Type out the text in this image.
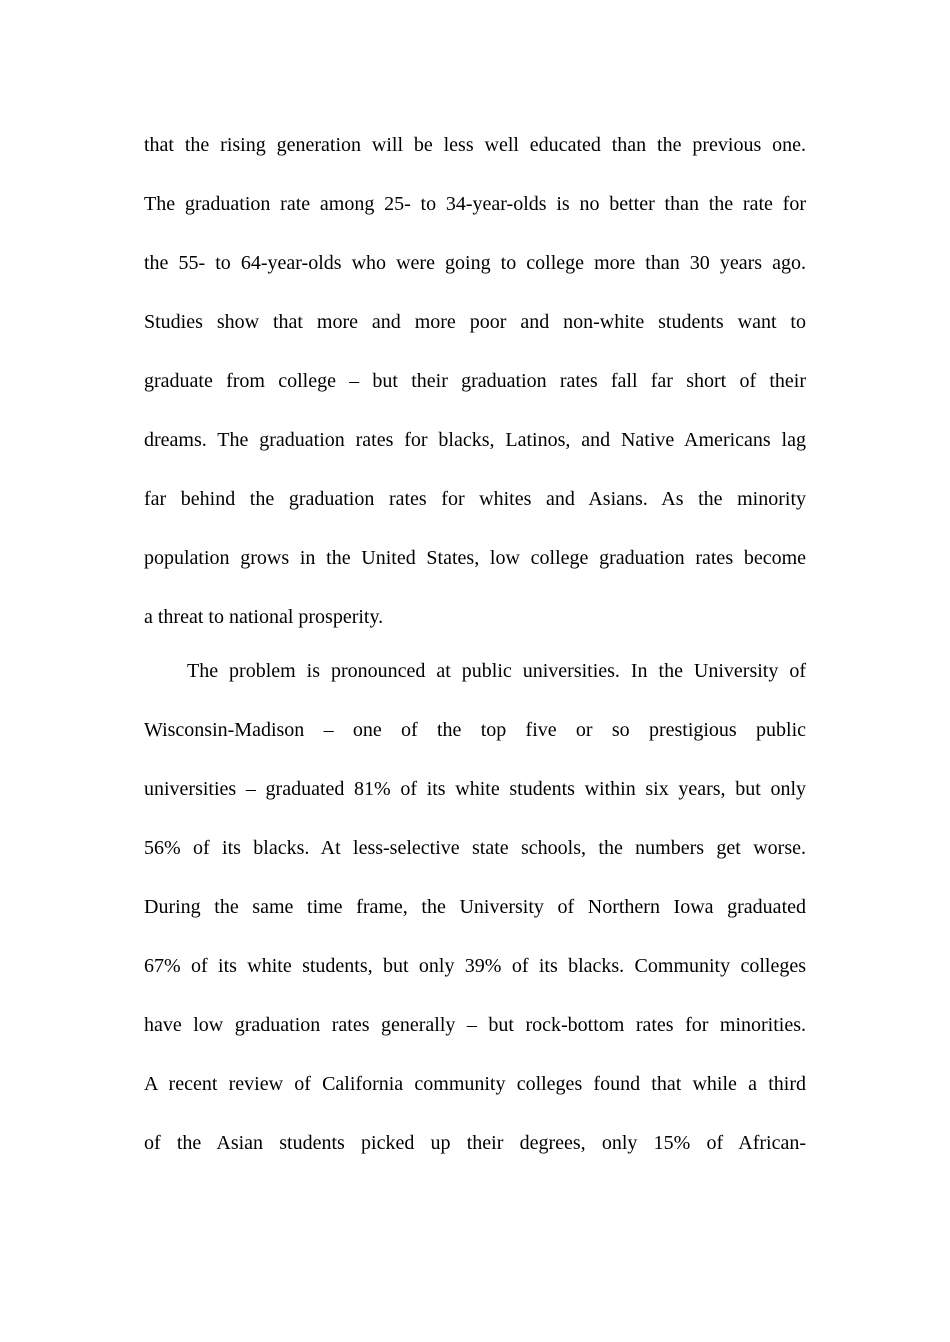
that the rising generation will be less well educated than the previous one.
The graduation rate among 25- to 34-year-olds is no better than the rate for
the 55- to 64-year-olds who were going to college more than 30 years ago.
Studies show that more and more poor and non-white students want to
graduate from college – but their graduation rates fall far short of their
dreams. The graduation rates for blacks, Latinos, and Native Americans lag
far behind the graduation rates for whites and Asians. As the minority
population grows in the United States, low college graduation rates become
a threat to national prosperity.
The problem is pronounced at public universities. In the University of
Wisconsin-Madison – one of the top five or so prestigious public
universities – graduated 81% of its white students within six years, but only
56% of its blacks. At less-selective state schools, the numbers get worse.
During the same time frame, the University of Northern Iowa graduated
67% of its white students, but only 39% of its blacks. Community colleges
have low graduation rates generally – but rock-bottom rates for minorities.
A recent review of California community colleges found that while a third
of the Asian students picked up their degrees, only 15% of African-
